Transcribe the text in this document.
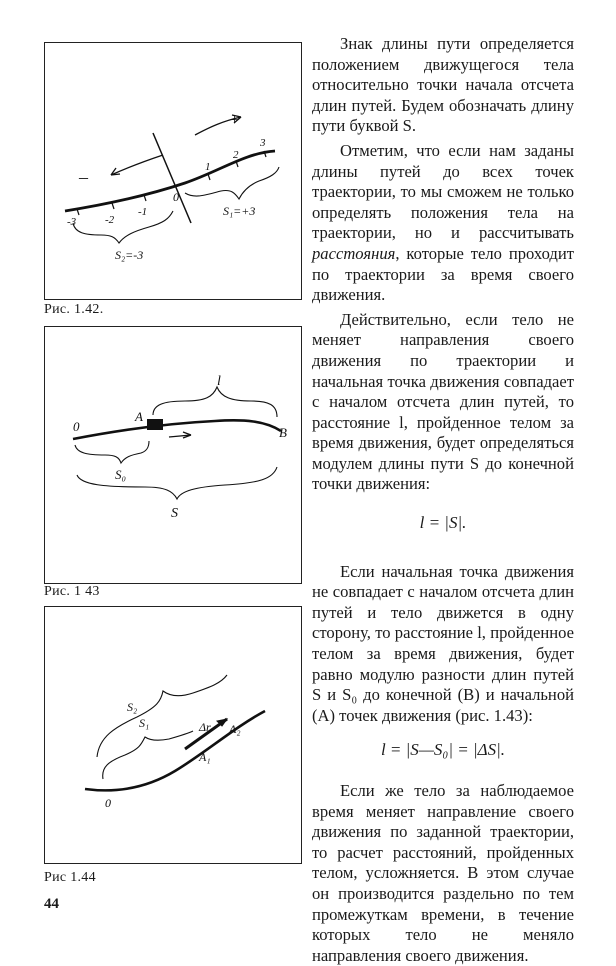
+
–
0
1
2
3
-1
-2
-3
S₁=+3
S₂=-3
Рис. 1.42.
0
A
B
l
S₀
S
Рис. 1 43
0
A₁
A₂
Δr
S₁
S₂
Рис 1.44

Знак длины пути определяется положением движущегося тела относительно точки начала отсчета длин путей. Будем обозначать длину пути буквой S.

Отметим, что если нам заданы длины путей до всех точек траектории, то мы сможем не только определять положения тела на траектории, но и рассчитывать расстояния, которые тело проходит по траектории за время своего движения.

Действительно, если тело не меняет направления своего движения по траектории и начальная точка движения совпадает с началом отсчета длин путей, то расстояние l, пройденное телом за время движения, будет определяться модулем длины пути S до конечной точки движения:

l = |S|.

Если начальная точка движения не совпадает с началом отсчета длин путей и тело движется в одну сторону, то расстояние l, пройденное телом за время движения, будет равно модулю разности длин путей S и S₀ до конечной (B) и начальной (A) точек движения (рис. 1.43):

l = |S—S₀| = |ΔS|.

Если же тело за наблюдаемое время меняет направление своего движения по заданной траектории, то расчет расстояний, пройденных телом, усложняется. В этом случае он производится раздельно по тем промежуткам времени, в течение которых тело не меняло направления своего движения.

44
